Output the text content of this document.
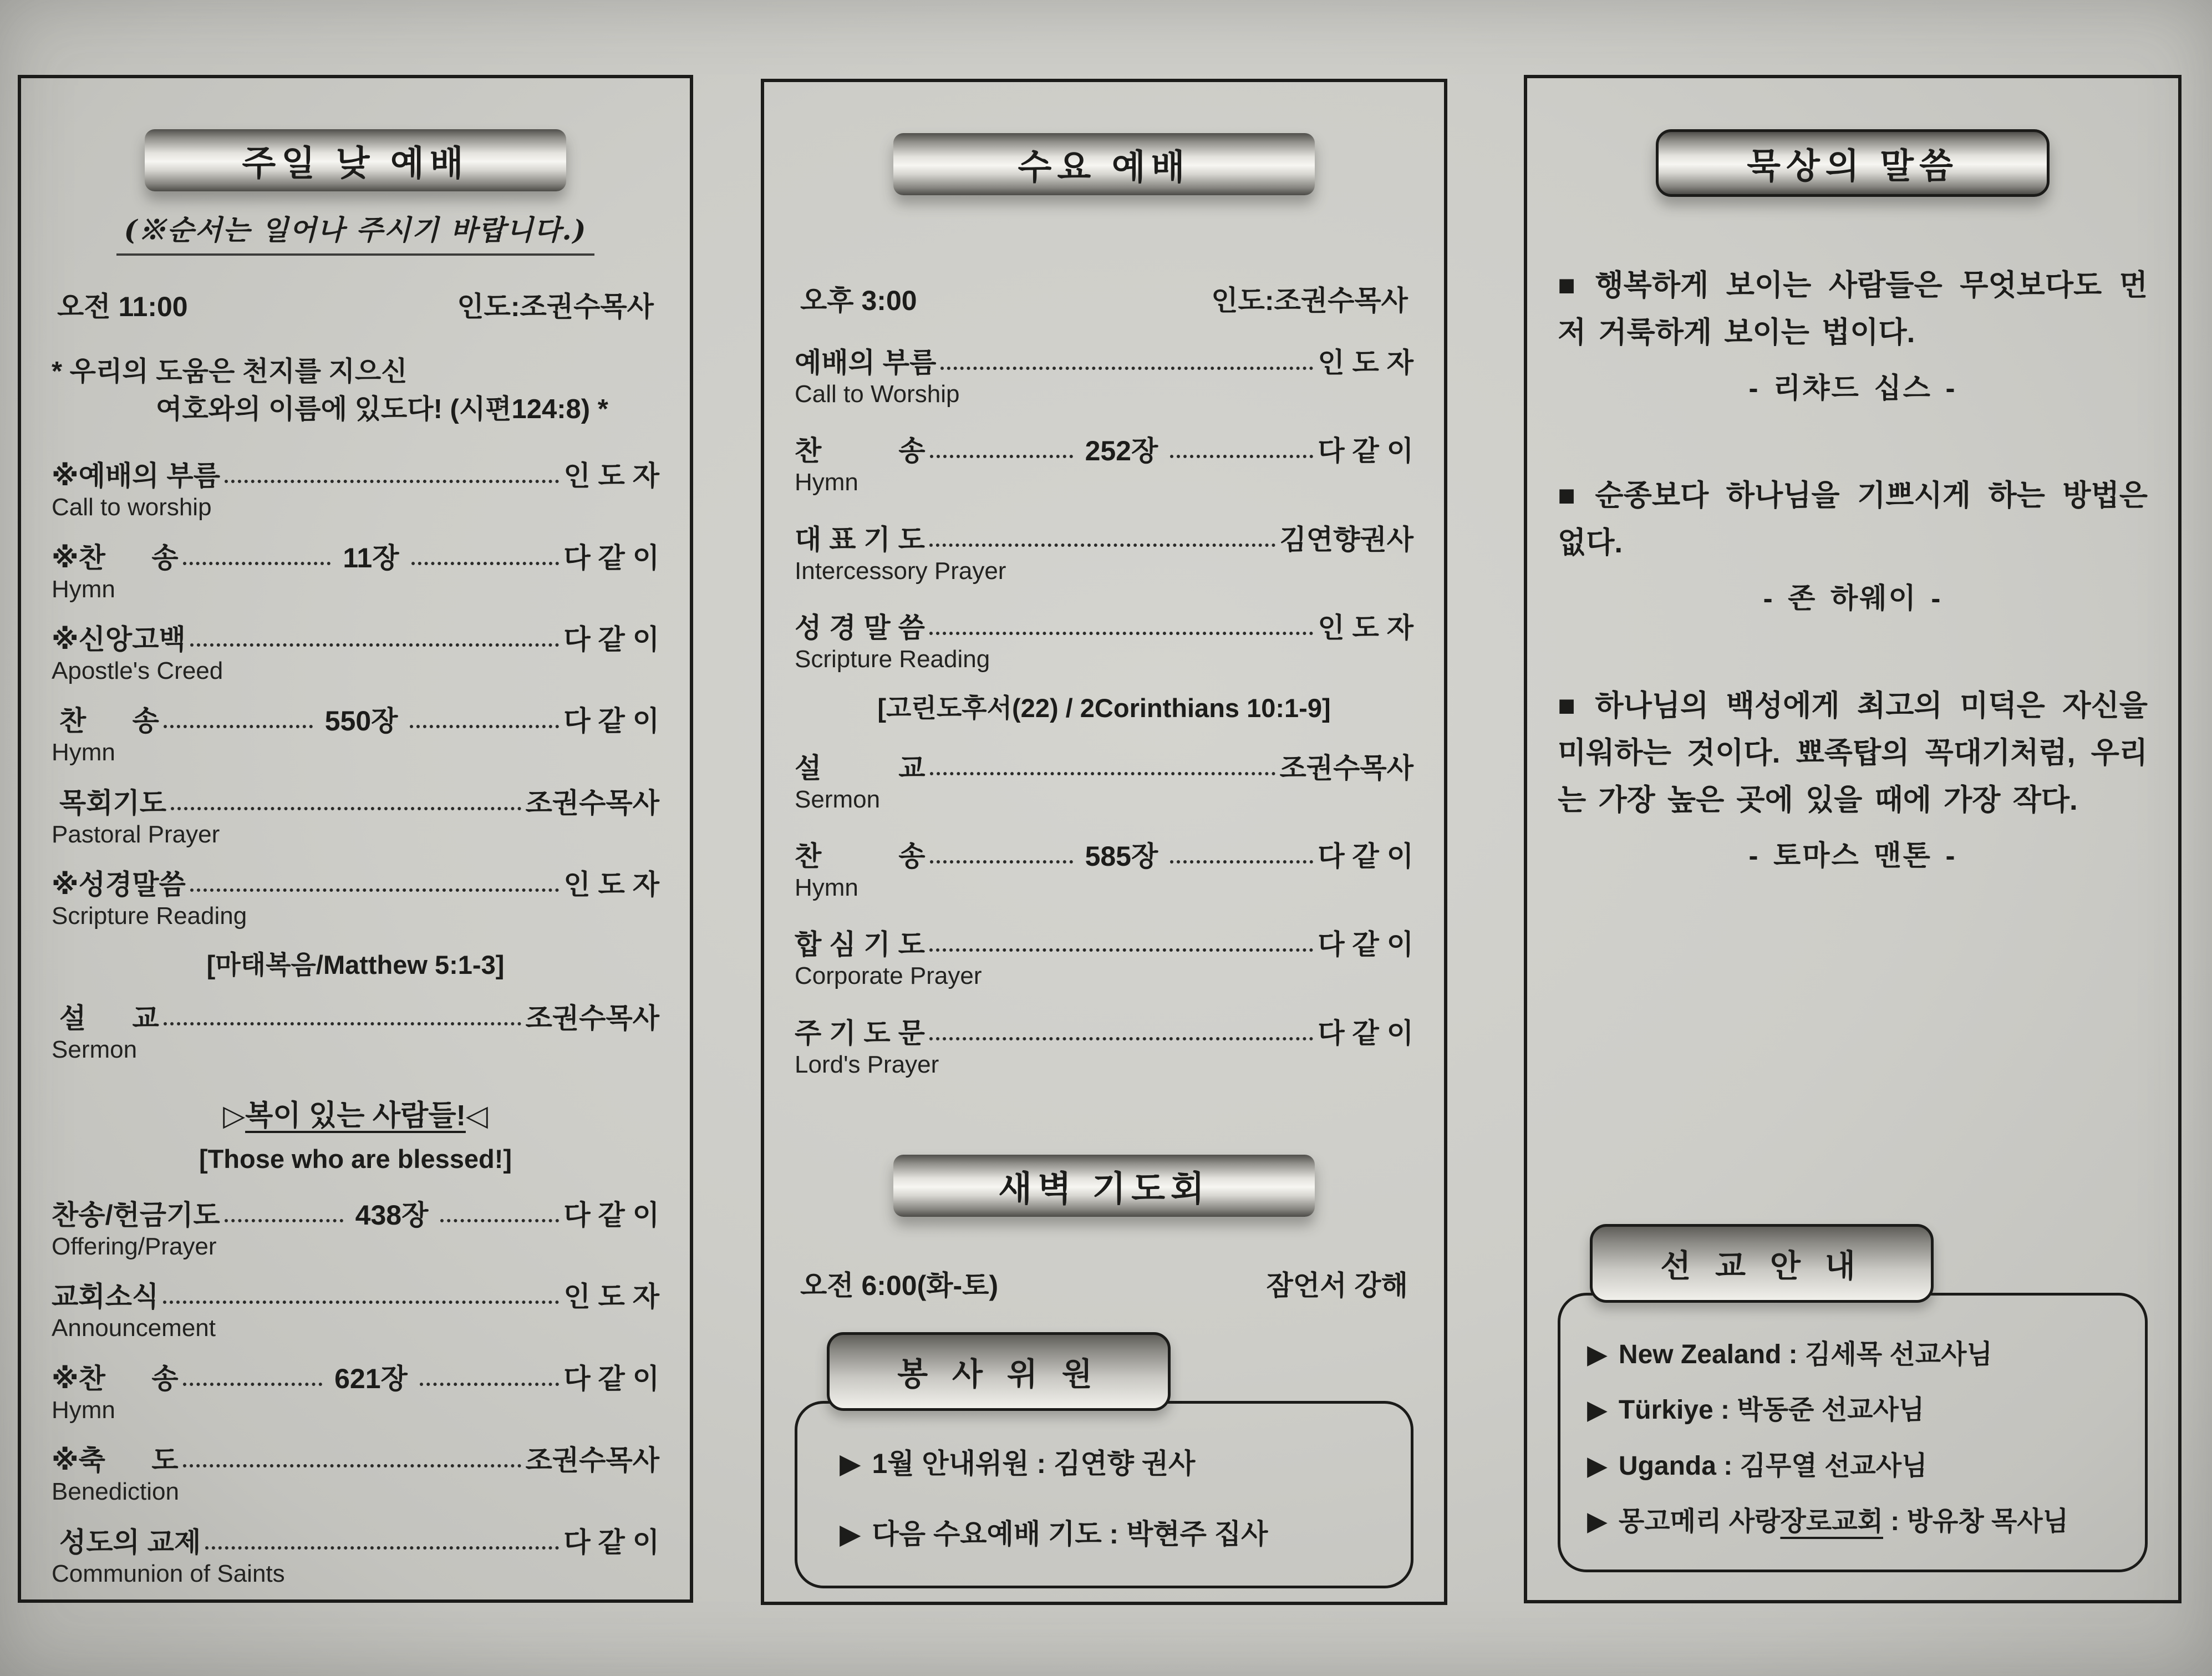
주일 낮 예배
(※순서는 일어나 주시기 바랍니다.)
오전 11:00	인도:조권수목사
* 우리의 도움은 천지를 지으신
여호와의 이름에 있도다! (시편124:8) *
※예배의 부름	인 도 자
Call to worship
※찬      송	11장	다 같 이
Hymn
※신앙고백	다 같 이
Apostle's Creed
찬      송	550장	다 같 이
Hymn
목회기도	조권수목사
Pastoral Prayer
※성경말씀	인 도 자
Scripture Reading
[마태복음/Matthew 5:1-3]
설      교	조권수목사
Sermon
▷복이 있는 사람들!◁
[Those who are blessed!]
찬송/헌금기도	438장	다 같 이
Offering/Prayer
교회소식	인 도 자
Announcement
※찬      송	621장	다 같 이
Hymn
※축      도	조권수목사
Benediction
성도의 교제	다 같 이
Communion of Saints
수요 예배
오후 3:00	인도:조권수목사
예배의 부름	인 도 자
Call to Worship
찬          송	252장	다 같 이
Hymn
대 표 기 도	김연향권사
Intercessory Prayer
성 경 말 씀	인 도 자
Scripture Reading
[고린도후서(22) / 2Corinthians 10:1-9]
설          교	조권수목사
Sermon
찬          송	585장	다 같 이
Hymn
합 심 기 도	다 같 이
Corporate Prayer
주 기 도 문	다 같 이
Lord's Prayer
새벽 기도회
오전 6:00(화-토)	잠언서 강해
봉 사 위 원
▶ 1월 안내위원 : 김연향 권사
▶ 다음 수요예배 기도 : 박현주 집사
묵상의 말씀
■ 행복하게 보이는 사람들은 무엇보다도 먼저 거룩하게 보이는 법이다.
- 리챠드 십스 -
■ 순종보다 하나님을 기쁘시게 하는 방법은 없다.
- 존 하웨이 -
■ 하나님의 백성에게 최고의 미덕은 자신을 미워하는 것이다. 뾰족탑의 꼭대기처럼, 우리는 가장 높은 곳에 있을 때에 가장 작다.
- 토마스 맨톤 -
선 교 안 내
▶ New Zealand : 김세목 선교사님
▶ Türkiye : 박동준 선교사님
▶ Uganda : 김무열 선교사님
▶ 몽고메리 사랑장로교회 : 방유창 목사님
